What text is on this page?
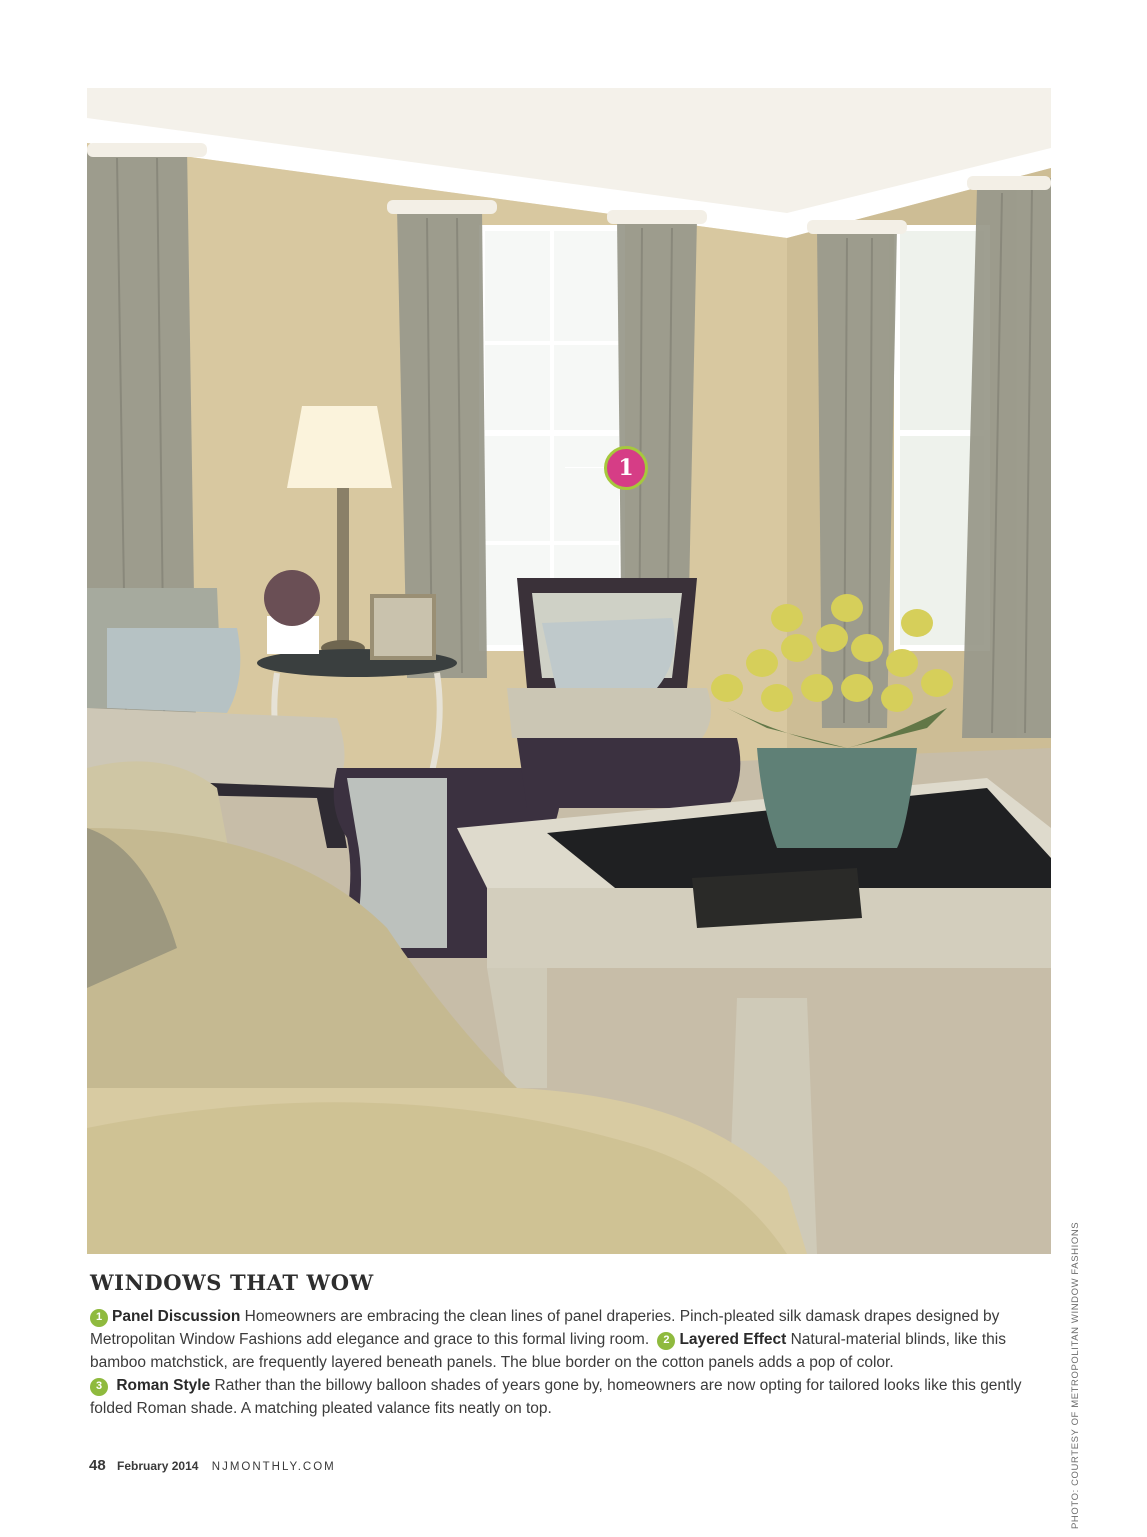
1
PHOTO: COURTESY OF METROPOLITAN WINDOW FASHIONS
WINDOWS THAT WOW
1 Panel Discussion Homeowners are embracing the clean lines of panel draperies. Pinch-pleated silk damask drapes designed by Metropolitan Window Fashions add elegance and grace to this formal living room. 2 Layered Effect Natural-material blinds, like this bamboo matchstick, are frequently layered beneath panels. The blue border on the cotton panels adds a pop of color.
3 Roman Style Rather than the billowy balloon shades of years gone by, homeowners are now opting for tailored looks like this gently folded Roman shade. A matching pleated valance fits neatly on top.
48 February 2014 NJMONTHLY.COM
